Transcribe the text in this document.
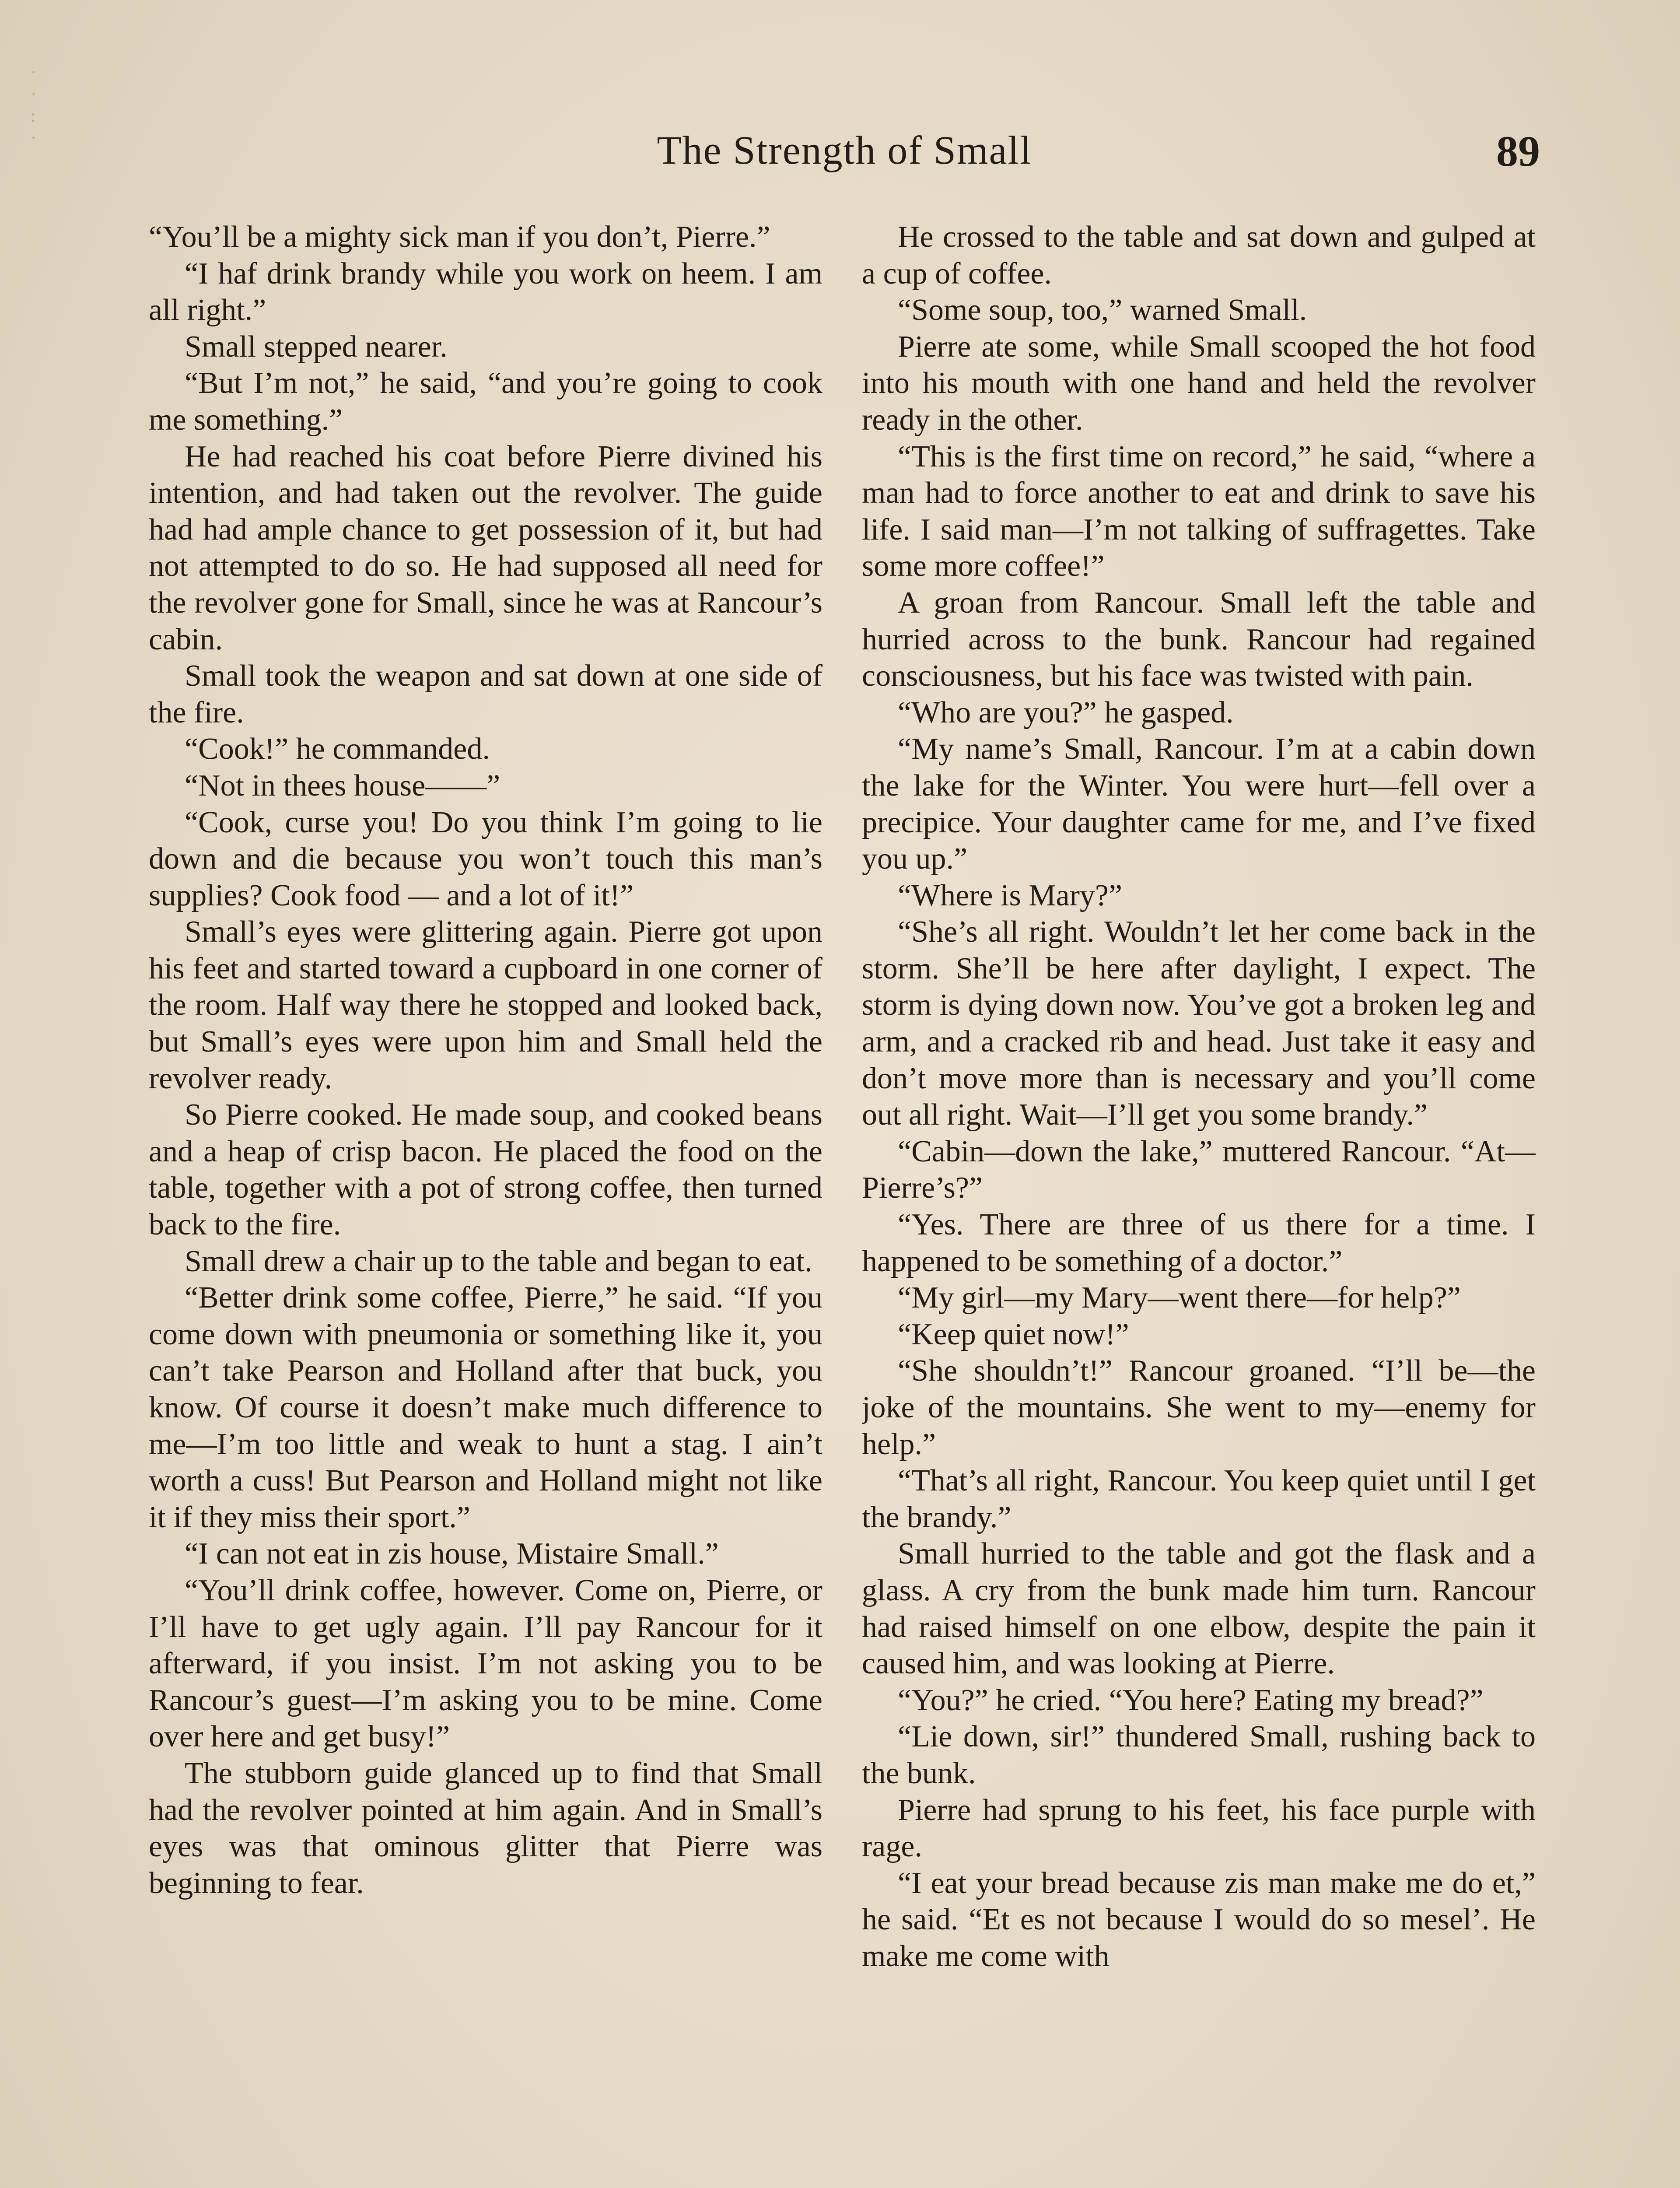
· ·
:
·	The Strength of Small	89

“You’ll be a mighty sick man if you don’t, Pierre.”

“I haf drink brandy while you work on heem. I am all right.”

Small stepped nearer.

“But I’m not,” he said, “and you’re going to cook me something.”

He had reached his coat before Pierre divined his intention, and had taken out the revolver. The guide had had ample chance to get possession of it, but had not attempted to do so. He had supposed all need for the revolver gone for Small, since he was at Rancour’s cabin.

Small took the weapon and sat down at one side of the fire.

“Cook!” he commanded.

“Not in thees house——”

“Cook, curse you! Do you think I’m going to lie down and die because you won’t touch this man’s supplies? Cook food — and a lot of it!”

Small’s eyes were glittering again. Pierre got upon his feet and started toward a cupboard in one corner of the room. Half way there he stopped and looked back, but Small’s eyes were upon him and Small held the revolver ready.

So Pierre cooked. He made soup, and cooked beans and a heap of crisp bacon. He placed the food on the table, together with a pot of strong coffee, then turned back to the fire.

Small drew a chair up to the table and began to eat.

“Better drink some coffee, Pierre,” he said. “If you come down with pneumonia or something like it, you can’t take Pearson and Holland after that buck, you know. Of course it doesn’t make much difference to me—I’m too little and weak to hunt a stag. I ain’t worth a cuss! But Pearson and Holland might not like it if they miss their sport.”

“I can not eat in zis house, Mistaire Small.”

“You’ll drink coffee, however. Come on, Pierre, or I’ll have to get ugly again. I’ll pay Rancour for it afterward, if you insist. I’m not asking you to be Rancour’s guest—I’m asking you to be mine. Come over here and get busy!”

The stubborn guide glanced up to find that Small had the revolver pointed at him again. And in Small’s eyes was that ominous glitter that Pierre was beginning to fear.

He crossed to the table and sat down and gulped at a cup of coffee.

“Some soup, too,” warned Small.

Pierre ate some, while Small scooped the hot food into his mouth with one hand and held the revolver ready in the other.

“This is the first time on record,” he said, “where a man had to force another to eat and drink to save his life. I said man—I’m not talking of suffragettes. Take some more coffee!”

A groan from Rancour. Small left the table and hurried across to the bunk. Rancour had regained consciousness, but his face was twisted with pain.

“Who are you?” he gasped.

“My name’s Small, Rancour. I’m at a cabin down the lake for the Winter. You were hurt—fell over a precipice. Your daughter came for me, and I’ve fixed you up.”

“Where is Mary?”

“She’s all right. Wouldn’t let her come back in the storm. She’ll be here after daylight, I expect. The storm is dying down now. You’ve got a broken leg and arm, and a cracked rib and head. Just take it easy and don’t move more than is necessary and you’ll come out all right. Wait—I’ll get you some brandy.”

“Cabin—down the lake,” muttered Rancour. “At—Pierre’s?”

“Yes. There are three of us there for a time. I happened to be something of a doctor.”

“My girl—my Mary—went there—for help?”

“Keep quiet now!”

“She shouldn’t!” Rancour groaned. “I’ll be—the joke of the mountains. She went to my—enemy for help.”

“That’s all right, Rancour. You keep quiet until I get the brandy.”

Small hurried to the table and got the flask and a glass. A cry from the bunk made him turn. Rancour had raised himself on one elbow, despite the pain it caused him, and was looking at Pierre.

“You?” he cried. “You here? Eating my bread?”

“Lie down, sir!” thundered Small, rushing back to the bunk.

Pierre had sprung to his feet, his face purple with rage.

“I eat your bread because zis man make me do et,” he said. “Et es not because I would do so mesel’. He make me come with
